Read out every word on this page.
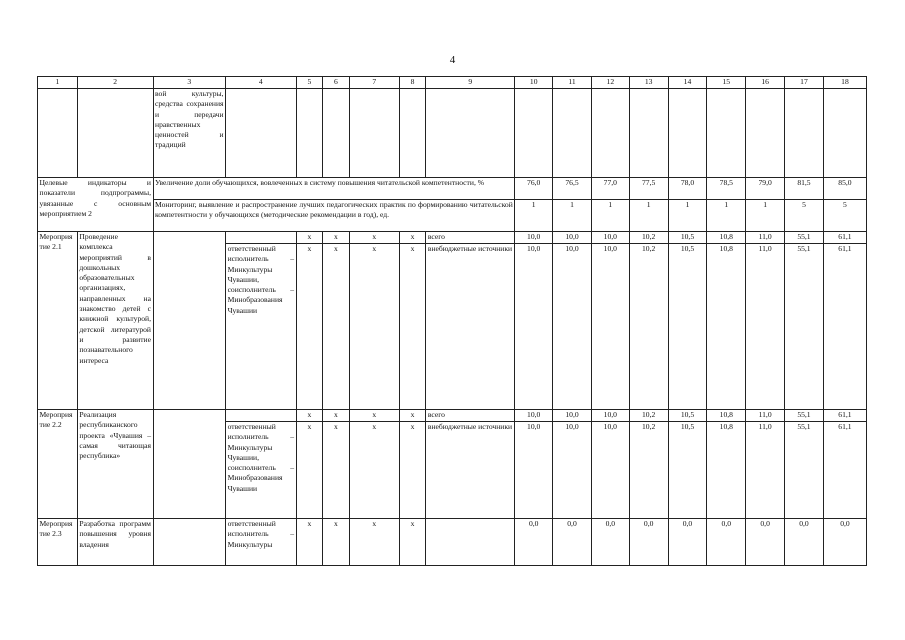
4
1	2	3	4	5	6	7	8	9	10	11	12	13	14	15	16	17	18
		вой культуры, средства сохранения и передачи нравственных ценностей и традиций															
Целевые индикаторы и показатели подпрограммы, увязанные с основным мероприятием 2		Увеличение доли обучающихся, вовлеченных в систему повышения читательской компетентности, %							76,0	76,5	77,0	77,5	78,0	78,5	79,0	81,5	85,0
		Мониторинг, выявление и распространение лучших педагогических практик по формированию читательской компетентности у обучающихся (методические рекомендации в год), ед.							1	1	1	1	1	1	1	5	5
Мероприятие 2.1	Проведение комплекса мероприятий в дошкольных образовательных организациях, направленных на знакомство детей с книжной культурой, детской литературой и развитие познавательного интереса			х	х	х	х	всего	10,0	10,0	10,0	10,2	10,5	10,8	11,0	55,1	61,1
			ответственный исполнитель – Минкультуры Чувашии, соисполнитель – Минобразования Чувашии	х	х	х	х	внебюджетные источники	10,0	10,0	10,0	10,2	10,5	10,8	11,0	55,1	61,1
Мероприятие 2.2	Реализация республиканского проекта «Чувашия – самая читающая республика»			х	х	х	х	всего	10,0	10,0	10,0	10,2	10,5	10,8	11,0	55,1	61,1
			ответственный исполнитель – Минкультуры Чувашии, соисполнитель – Минобразования Чувашии	х	х	х	х	внебюджетные источники	10,0	10,0	10,0	10,2	10,5	10,8	11,0	55,1	61,1
Мероприятие 2.3	Разработка программ повышения уровня владения		ответственный исполнитель – Минкультуры	х	х	х	х		0,0	0,0	0,0	0,0	0,0	0,0	0,0	0,0	0,0
